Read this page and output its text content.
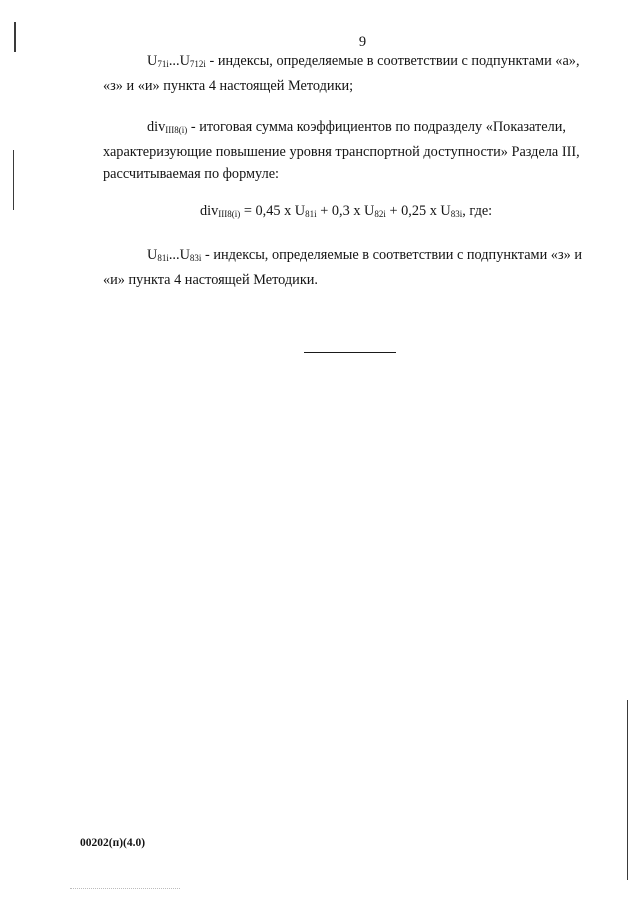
9
$U_{71i}...U_{712i}$ - индексы, определяемые в соответствии с подпунктами «а»,
«з» и «и» пункта 4 настоящей Методики;
div$_{III8(i)}$ - итоговая сумма коэффициентов по подразделу «Показатели,
характеризующие повышение уровня транспортной доступности» Раздела III,
рассчитываемая по формуле:
div$_{III8(i)}$ = 0,45 x $U_{81i} + 0,3$ x $U_{82i} + 0,25$ x $U_{83i}$, где:
$U_{81i}...U_{83i}$ - индексы, определяемые в соответствии с подпунктами «з» и
«и» пункта 4 настоящей Методики.
00202(п)(4.0)
